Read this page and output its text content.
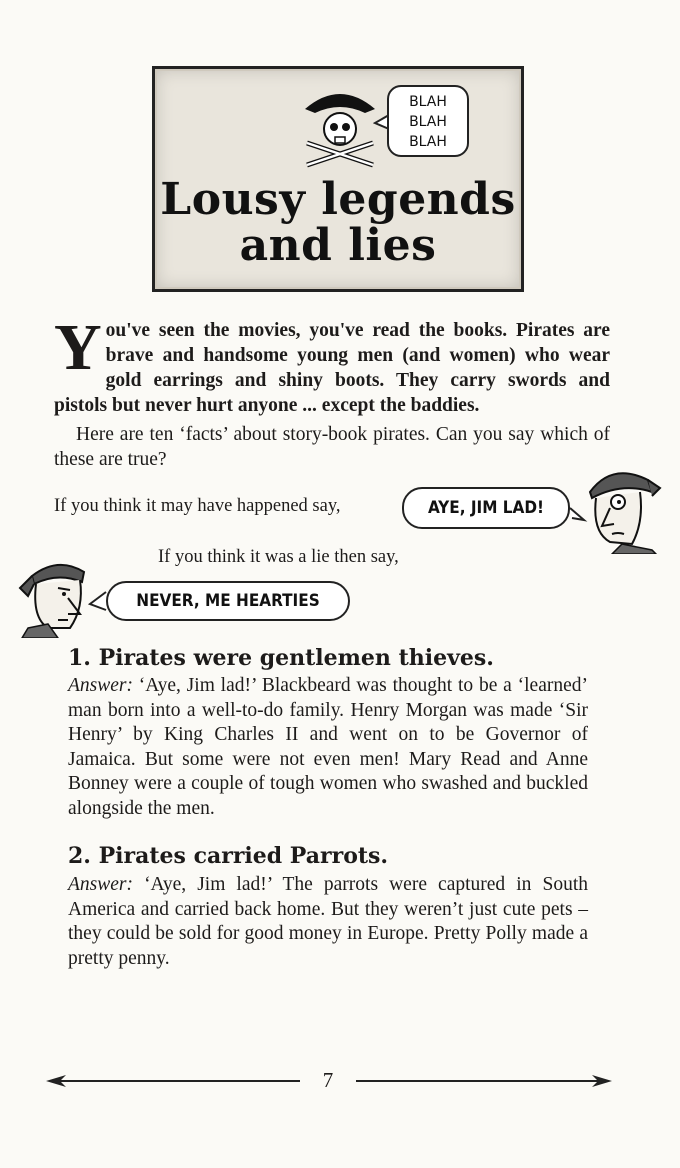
BLAH
BLAH
BLAH
Lousy legends
and lies

You've seen the movies, you've read the books. Pirates are brave and handsome young men (and women) who wear gold earrings and shiny boots. They carry swords and pistols but never hurt anyone ... except the baddies.

Here are ten ‘facts’ about story-book pirates. Can you say which of these are true?

If you think it may have happened say,	AYE, JIM LAD!
If you think it was a lie then say,
NEVER, ME HEARTIES
1. Pirates were gentlemen thieves.

Answer: ‘Aye, Jim lad!’ Blackbeard was thought to be a ‘learned’ man born into a well-to-do family. Henry Morgan was made ‘Sir Henry’ by King Charles II and went on to be Governor of Jamaica. But some were not even men! Mary Read and Anne Bonney were a couple of tough women who swashed and buckled alongside the men.

2. Pirates carried Parrots.

Answer: ‘Aye, Jim lad!’ The parrots were captured in South America and carried back home. But they weren’t just cute pets – they could be sold for good money in Europe. Pretty Polly made a pretty penny.

7
